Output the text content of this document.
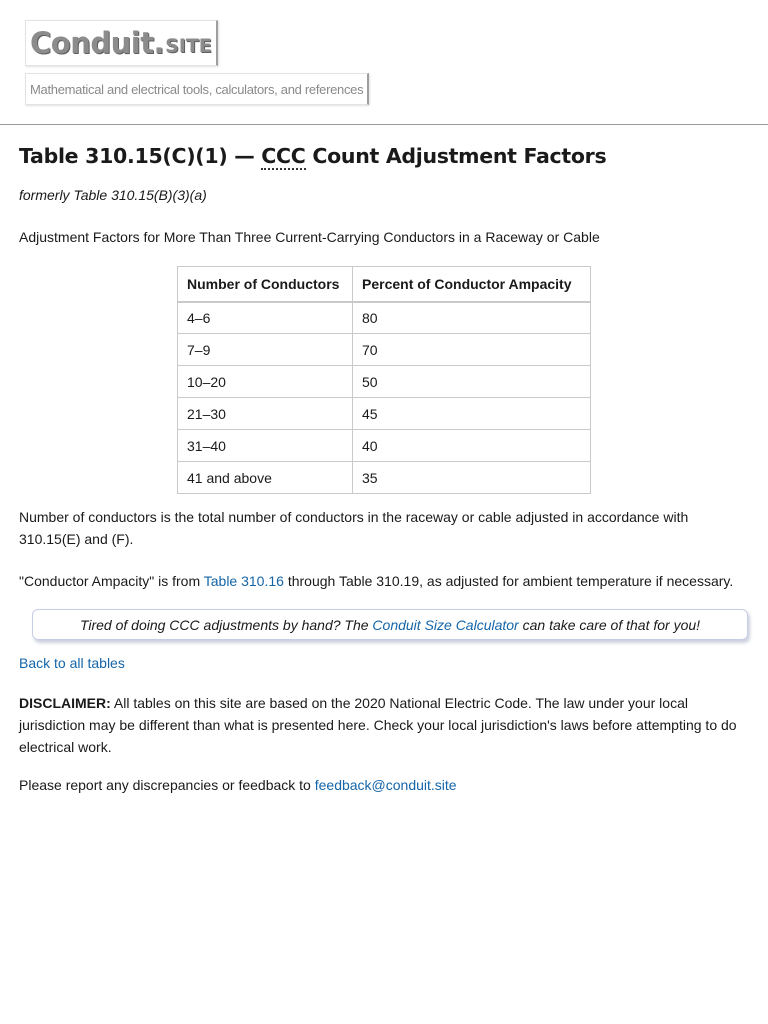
Conduit. SITE
Mathematical and electrical tools, calculators, and references
Table 310.15(C)(1) — CCC Count Adjustment Factors

formerly Table 310.15(B)(3)(a)

Adjustment Factors for More Than Three Current-Carrying Conductors in a Raceway or Cable

Number of Conductors	Percent of Conductor Ampacity
4–6	80
7–9	70
10–20	50
21–30	45
31–40	40
41 and above	35

Number of conductors is the total number of conductors in the raceway or cable adjusted in accordance with 310.15(E) and (F).

"Conductor Ampacity" is from Table 310.16 through Table 310.19, as adjusted for ambient temperature if necessary.

Tired of doing CCC adjustments by hand? The
Conduit Size Calculator
can take care of that for you!
Back to all tables

DISCLAIMER: All tables on this site are based on the 2020 National Electric Code. The law under your local jurisdiction may be different than what is presented here. Check your local jurisdiction's laws before attempting to do electrical work.

Please report any discrepancies or feedback to feedback@conduit.site
